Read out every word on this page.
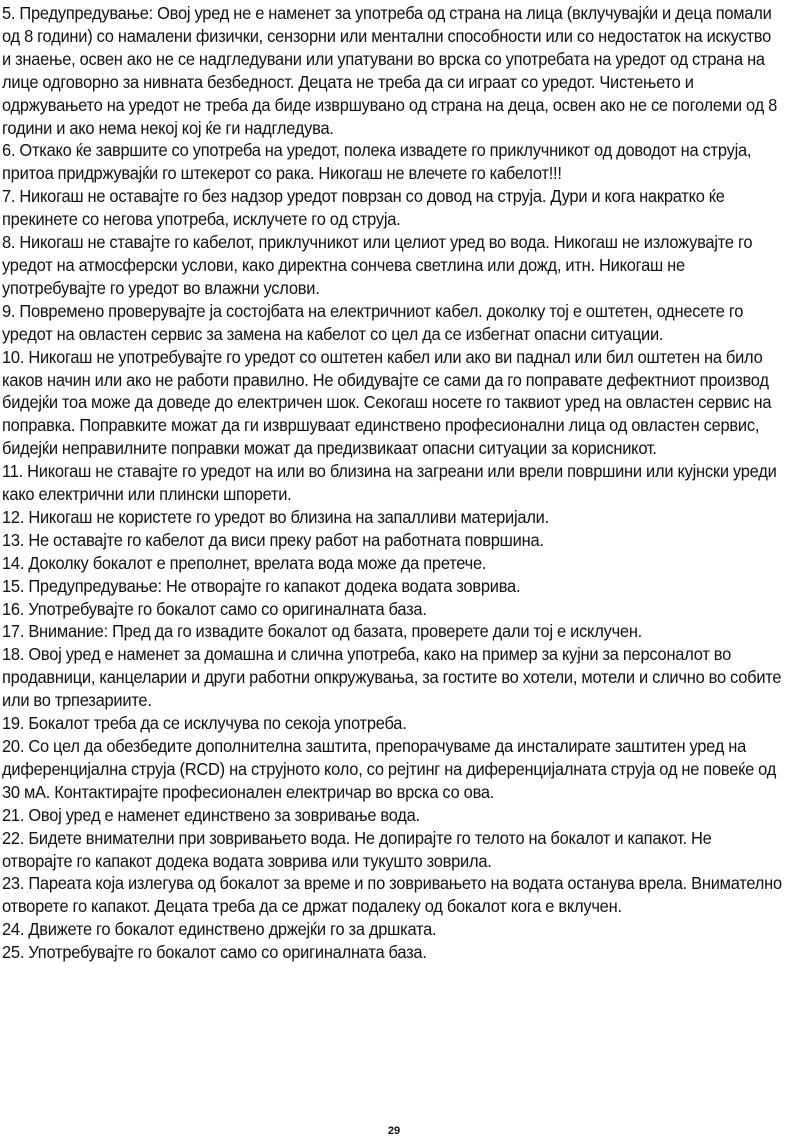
5. Предупредување: Овој уред не е наменет за употреба од страна на лица (вклучувајќи и деца помали од 8 години) со намалени физички, сензорни или ментални способности или со недостаток на искуство и знаење, освен ако не се надгледувани или упатувани во врска со употребата на уредот од страна на лице одговорно за нивната безбедност. Децата не треба да си играат со уредот. Чистењето и одржувањето на уредот не треба да биде извршувано од страна на деца, освен ако не се поголеми од 8 години и ако нема некој кој ќе ги надгледува.

6. Откако ќе завршите со употреба на уредот, полека извадете го приклучникот од доводот на струја, притоа придржувајќи го штекерот со рака. Никогаш не влечете го кабелот!!!

7. Никогаш не оставајте го без надзор уредот поврзан со довод на струја. Дури и кога накратко ќе прекинете со негова употреба, исклучете го од струја.

8. Никогаш не ставајте го кабелот, приклучникот или целиот уред во вода. Никогаш не изложувајте го уредот на атмосферски услови, како директна сончева светлина или дожд, итн. Никогаш не употребувајте го уредот во влажни услови.

9. Повремено проверувајте ја состојбата на електричниот кабел. доколку тој е оштетен, однесете го уредот на овластен сервис за замена на кабелот со цел да се избегнат опасни ситуации.

10. Никогаш не употребувајте го уредот со оштетен кабел или ако ви паднал или бил оштетен на било каков начин или ако не работи правилно. Не обидувајте се сами да го поправате дефектниот производ бидејќи тоа може да доведе до електричен шок. Секогаш носете го таквиот уред на овластен сервис на поправка. Поправките можат да ги извршуваат единствено професионални лица од овластен сервис, бидејќи неправилните поправки можат да предизвикаат опасни ситуации за корисникот.

11. Никогаш не ставајте го уредот на или во близина на загреани или врели површини или кујнски уреди како електрични или плински шпорети.

12. Никогаш не користете го уредот во близина на запалливи материјали.

13. Не оставајте го кабелот да виси преку работ на работната површина.

14. Доколку бокалот е преполнет, врелата вода може да претече.

15. Предупредување: Не отворајте го капакот додека водата зоврива.

16. Употребувајте го бокалот само со оригиналната база.

17. Внимание: Пред да го извадите бокалот од базата, проверете дали тој е исклучен.

18. Овој уред е наменет за домашна и слична употреба, како на пример за кујни за персоналот во продавници, канцеларии и други работни опкружувања, за гостите во хотели, мотели и слично во собите или во трпезариите.

19. Бокалот треба да се исклучува по секоја употреба.

20. Со цел да обезбедите дополнителна заштита, препорачуваме да инсталирате заштитен уред на диференцијална струја (RCD) на струјното коло, со рејтинг на диференцијалната струја од не повеќе од 30 мА. Контактирајте професионален електричар во врска со ова.

21. Овој уред е наменет единствено за зовривање вода.

22. Бидете внимателни при зовривањето вода. Не допирајте го телото на бокалот и капакот. Не отворајте го капакот додека водата зоврива или тукушто зоврила.

23. Пареата која излегува од бокалот за време и по зовривањето на водата останува врела. Внимателно отворете го капакот. Децата треба да се држат подалеку од бокалот кога е вклучен.

24. Движете го бокалот единствено држејќи го за дршката.

25. Употребувајте го бокалот само со оригиналната база.

29
